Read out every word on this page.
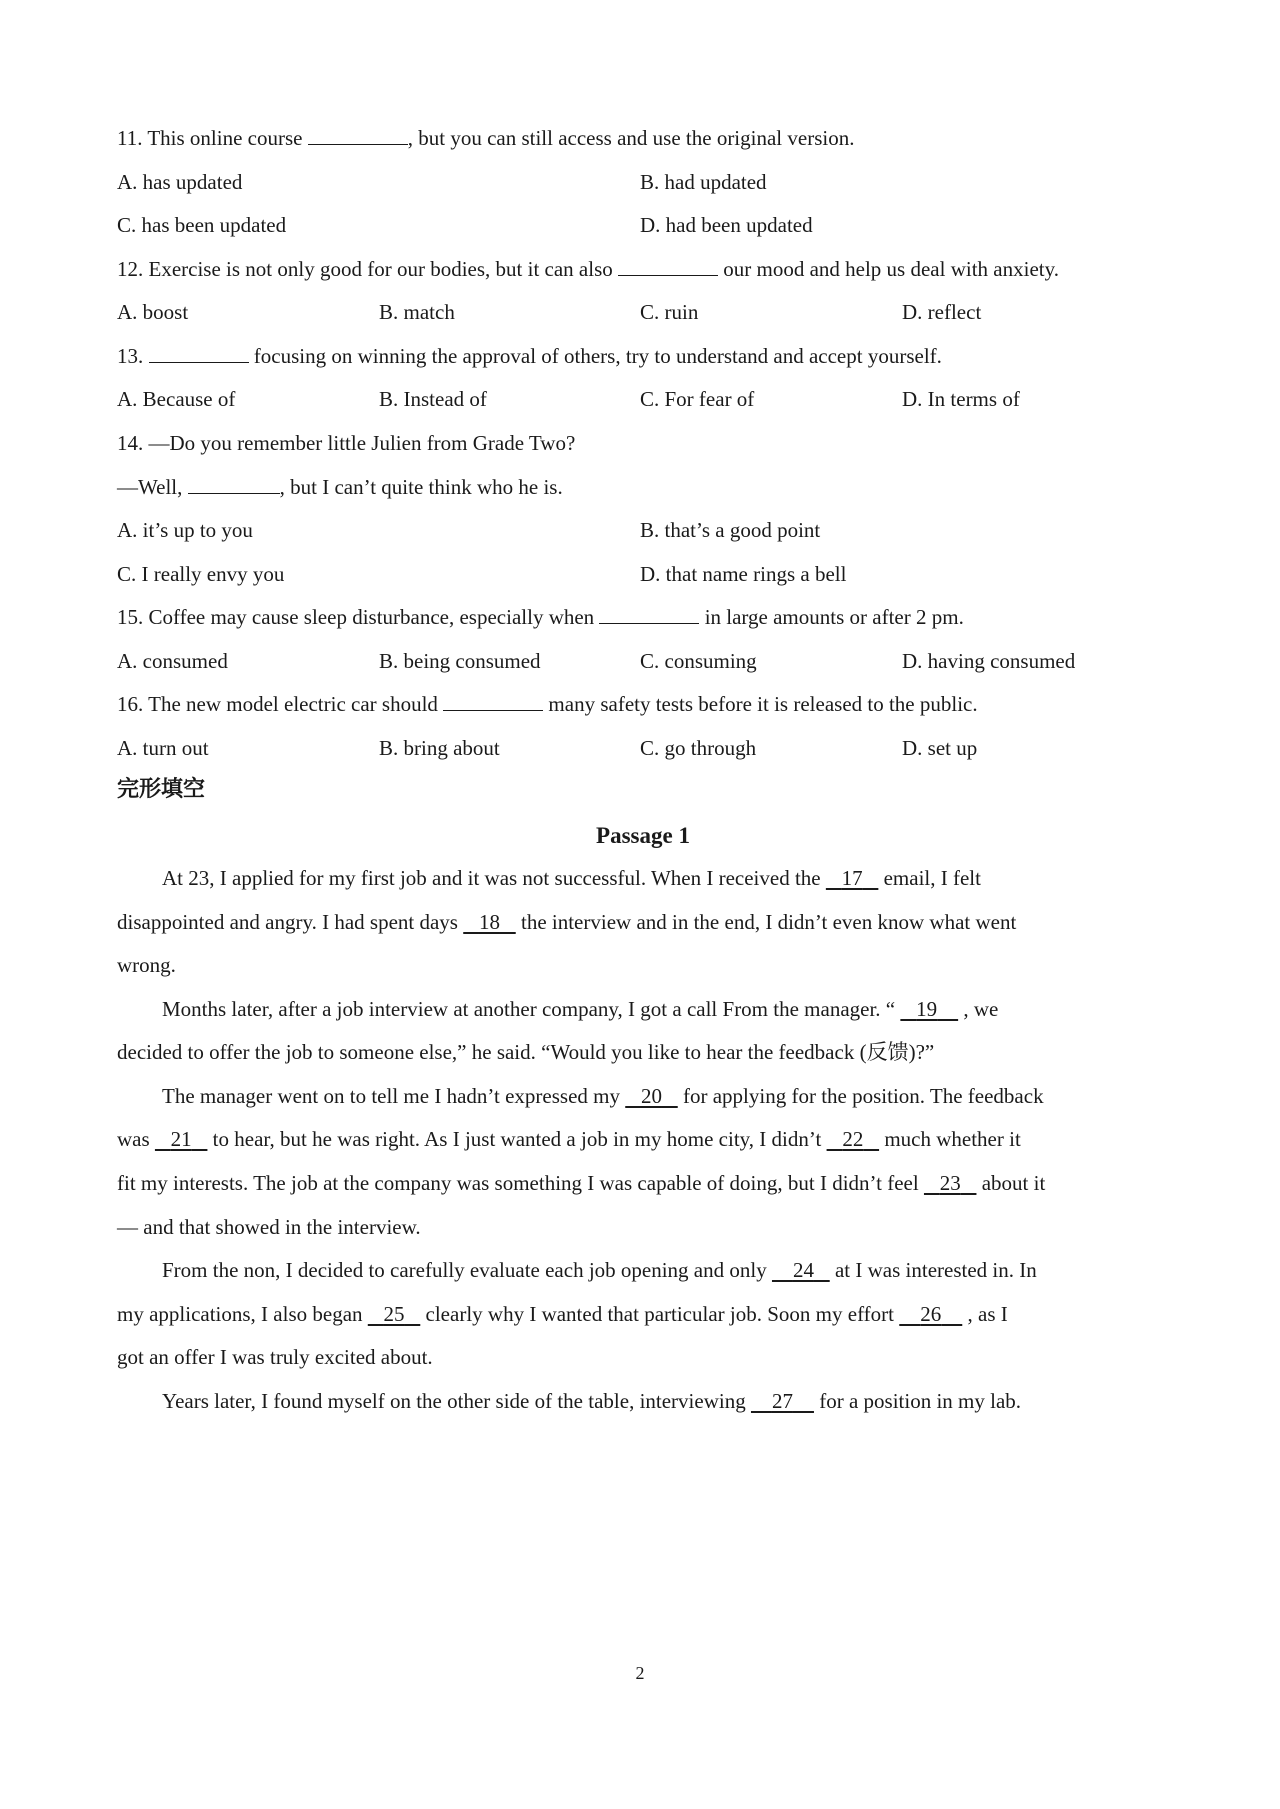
11. This online course	, but you can still access and use the original version.
A. has updated	B. had updated
C. has been updated	D. had been updated
12. Exercise is not only good for our bodies, but it can also	our mood and help us deal with anxiety.
A. boost	B. match	C. ruin	D. reflect
13.	focusing on winning the approval of others, try to understand and accept yourself.
A. Because of	B. Instead of	C. For fear of	D. In terms of
14. —Do you remember little Julien from Grade Two?
—Well,	, but I can’t quite think who he is.
A. it’s up to you	B. that’s a good point
C. I really envy you	D. that name rings a bell
15. Coffee may cause sleep disturbance, especially when	in large amounts or after 2 pm.
A. consumed	B. being consumed	C. consuming	D. having consumed
16. The new model electric car should	many safety tests before it is released to the public.
A. turn out	B. bring about	C. go through	D. set up
完形填空
Passage 1
At 23, I applied for my first job and it was not successful. When I received the    17    email, I felt
disappointed and angry. I had spent days    18    the interview and in the end, I didn’t even know what went
wrong.
Months later, after a job interview at another company, I got a call From the manager. “    19     , we
decided to offer the job to someone else,” he said. “Would you like to hear the feedback (反馈)?”
The manager went on to tell me I hadn’t expressed my    20    for applying for the position. The feedback
was    21    to hear, but he was right. As I just wanted a job in my home city, I didn’t    22    much whether it
fit my interests. The job at the company was something I was capable of doing, but I didn’t feel    23    about it
— and that showed in the interview.
From the non, I decided to carefully evaluate each job opening and only     24    at I was interested in. In
my applications, I also began    25    clearly why I wanted that particular job. Soon my effort     26     , as I
got an offer I was truly excited about.
Years later, I found myself on the other side of the table, interviewing     27     for a position in my lab.
2
